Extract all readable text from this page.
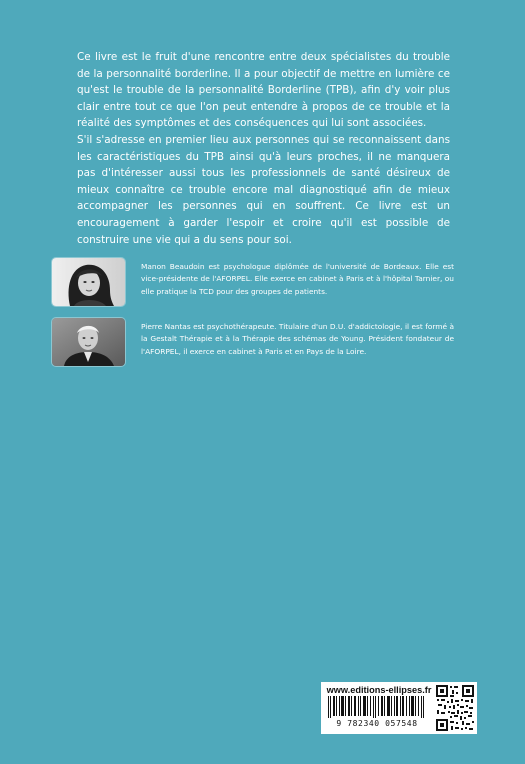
Ce livre est le fruit d'une rencontre entre deux spécialistes du trouble de la personnalité borderline. Il a pour objectif de mettre en lumière ce qu'est le trouble de la personnalité Borderline (TPB), afin d'y voir plus clair entre tout ce que l'on peut entendre à propos de ce trouble et la réalité des symptômes et des conséquences qui lui sont associées.

S'il s'adresse en premier lieu aux personnes qui se reconnaissent dans les caractéristiques du TPB ainsi qu'à leurs proches, il ne manquera pas d'intéresser aussi tous les professionnels de santé désireux de mieux connaître ce trouble encore mal diagnostiqué afin de mieux accompagner les personnes qui en souffrent. Ce livre est un encouragement à garder l'espoir et croire qu'il est possible de construire une vie qui a du sens pour soi.

Manon Beaudoin est psychologue diplômée de l'université de Bordeaux. Elle est vice-présidente de l'AFORPEL. Elle exerce en cabinet à Paris et à l'hôpital Tarnier, ou elle pratique la TCD pour des groupes de patients.
Pierre Nantas est psychothérapeute. Titulaire d'un D.U. d'addictologie, il est formé à la Gestalt Thérapie et à la Thérapie des schémas de Young. Président fondateur de l'AFORPEL, il exerce en cabinet à Paris et en Pays de la Loire.
www.editions-ellipses.fr
9 782340 057548
